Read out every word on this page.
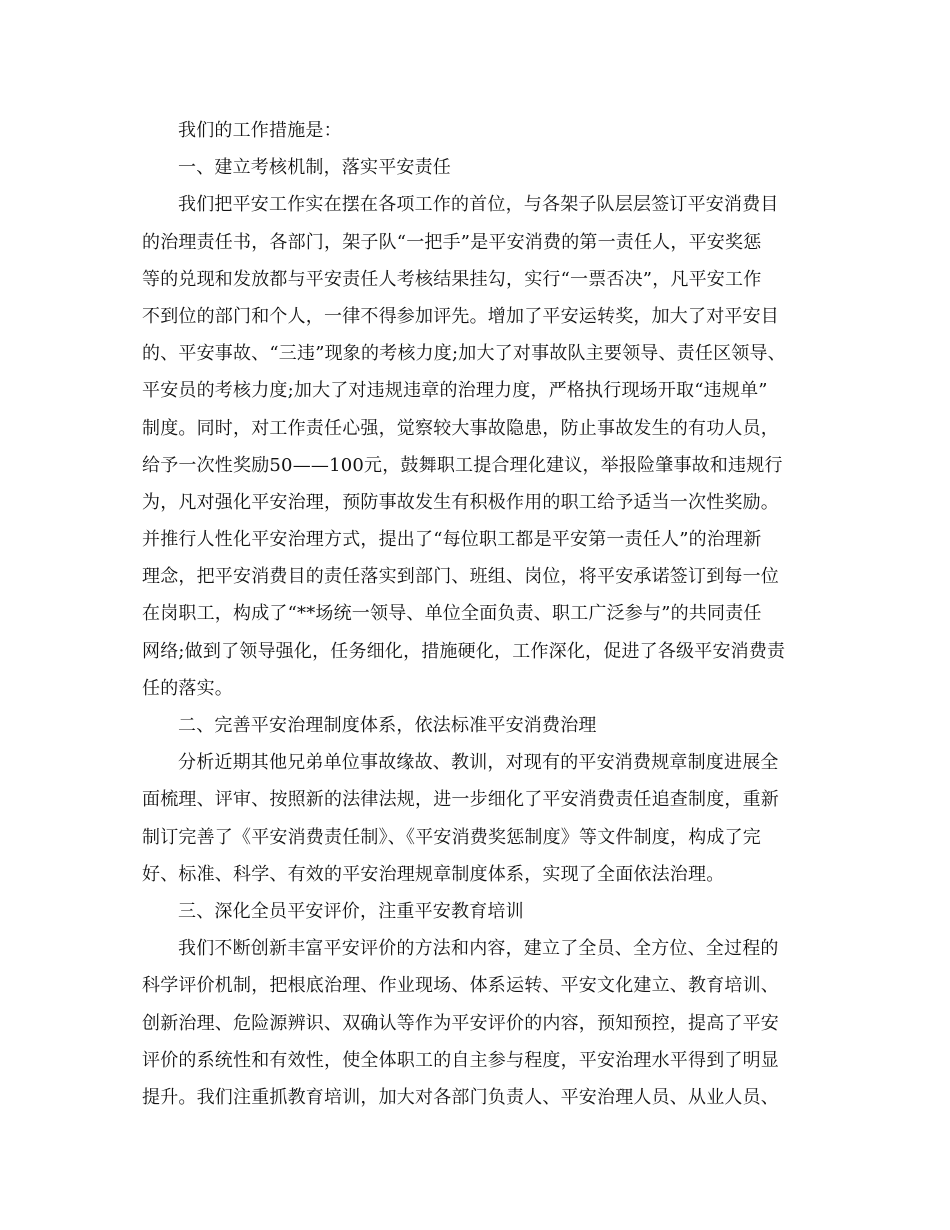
我们的工作措施是：
一、建立考核机制，落实平安责任
我们把平安工作实在摆在各项工作的首位，与各架子队层层签订平安消费目
的治理责任书，各部门，架子队“一把手”是平安消费的第一责任人，平安奖惩
等的兑现和发放都与平安责任人考核结果挂勾，实行“一票否决”，凡平安工作
不到位的部门和个人，一律不得参加评先。增加了平安运转奖，加大了对平安目
的、平安事故、“三违”现象的考核力度;加大了对事故队主要领导、责任区领导、
平安员的考核力度;加大了对违规违章的治理力度，严格执行现场开取“违规单”
制度。同时，对工作责任心强，觉察较大事故隐患，防止事故发生的有功人员，
给予一次性奖励50——100元，鼓舞职工提合理化建议，举报险肇事故和违规行
为，凡对强化平安治理，预防事故发生有积极作用的职工给予适当一次性奖励。
并推行人性化平安治理方式，提出了“每位职工都是平安第一责任人”的治理新
理念，把平安消费目的责任落实到部门、班组、岗位，将平安承诺签订到每一位
在岗职工，构成了“**场统一领导、单位全面负责、职工广泛参与”的共同责任
网络;做到了领导强化，任务细化，措施硬化，工作深化，促进了各级平安消费责
任的落实。
二、完善平安治理制度体系，依法标准平安消费治理
分析近期其他兄弟单位事故缘故、教训，对现有的平安消费规章制度进展全
面梳理、评审、按照新的法律法规，进一步细化了平安消费责任追查制度，重新
制订完善了《平安消费责任制》、《平安消费奖惩制度》等文件制度，构成了完
好、标准、科学、有效的平安治理规章制度体系，实现了全面依法治理。
三、深化全员平安评价，注重平安教育培训
我们不断创新丰富平安评价的方法和内容，建立了全员、全方位、全过程的
科学评价机制，把根底治理、作业现场、体系运转、平安文化建立、教育培训、
创新治理、危险源辨识、双确认等作为平安评价的内容，预知预控，提高了平安
评价的系统性和有效性，使全体职工的自主参与程度，平安治理水平得到了明显
提升。我们注重抓教育培训，加大对各部门负责人、平安治理人员、从业人员、
